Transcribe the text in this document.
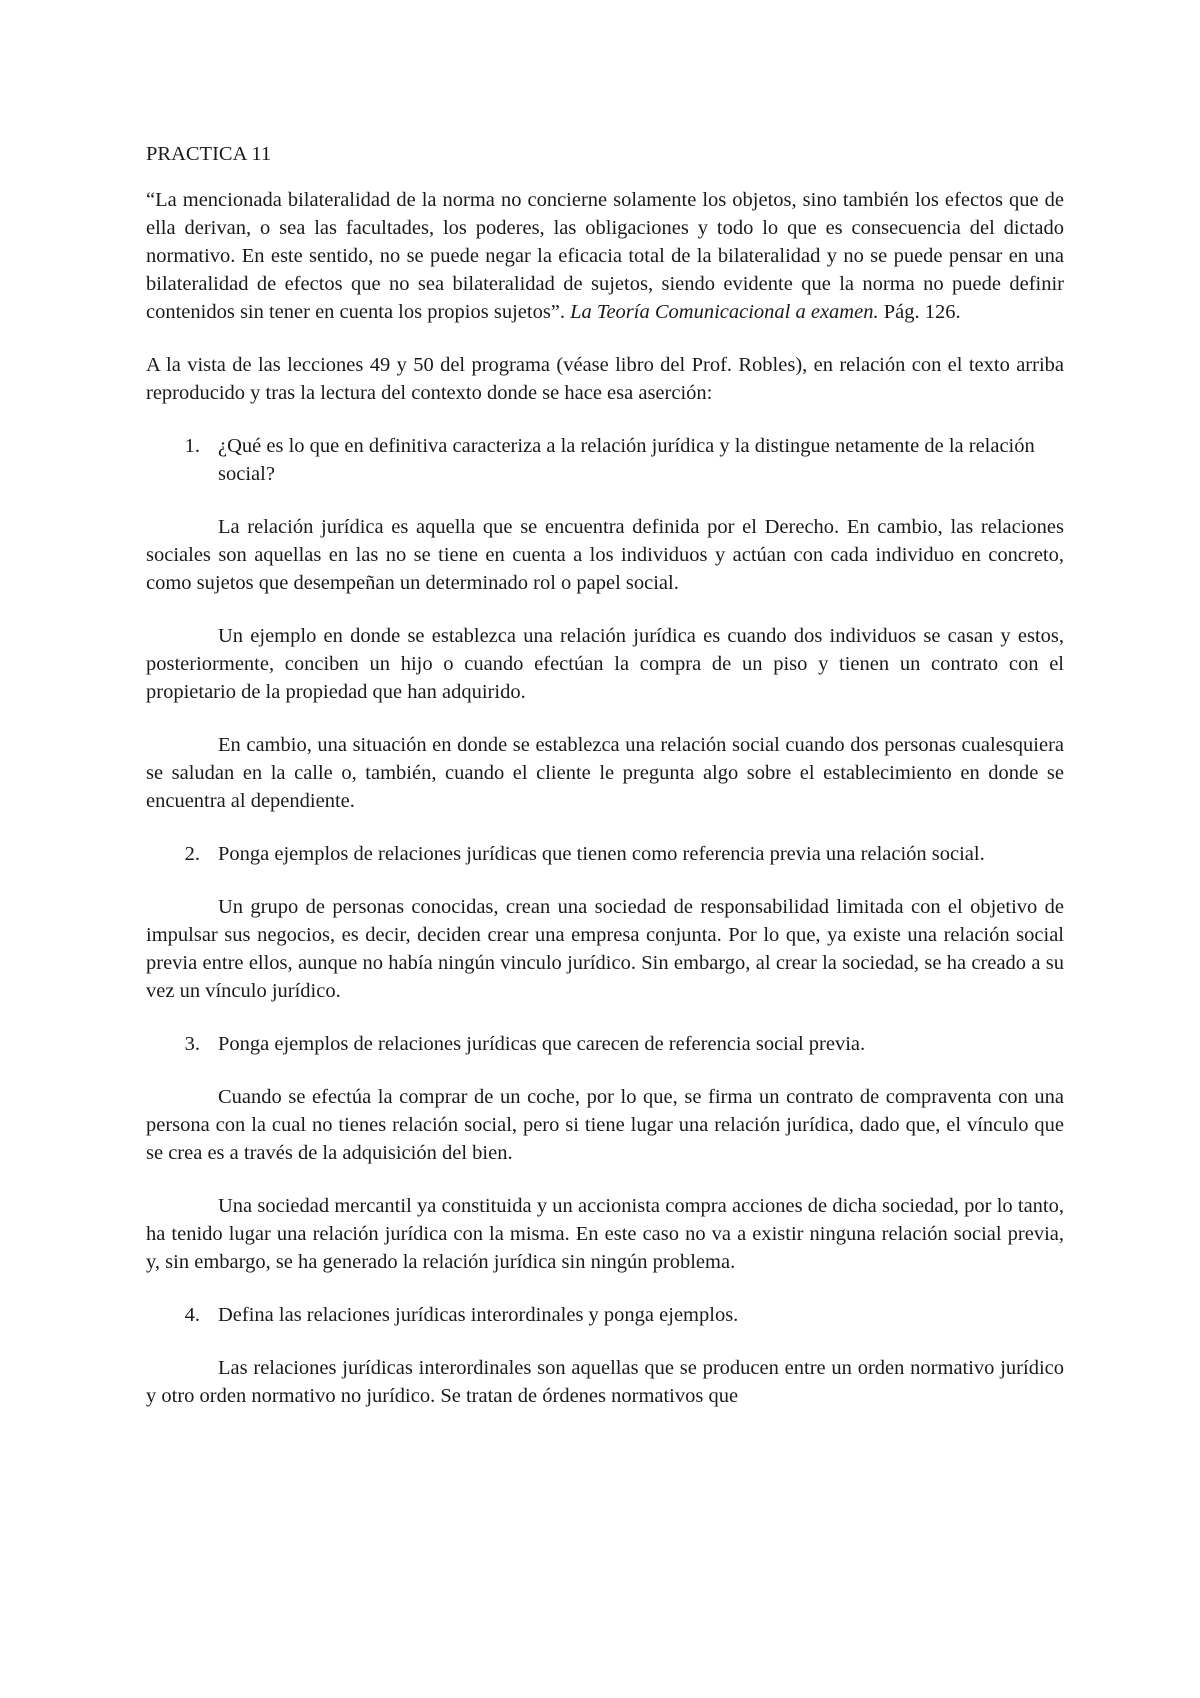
PRACTICA 11

“La mencionada bilateralidad de la norma no concierne solamente los objetos, sino también los efectos que de ella derivan, o sea las facultades, los poderes, las obligaciones y todo lo que es consecuencia del dictado normativo. En este sentido, no se puede negar la eficacia total de la bilateralidad y no se puede pensar en una bilateralidad de efectos que no sea bilateralidad de sujetos, siendo evidente que la norma no puede definir contenidos sin tener en cuenta los propios sujetos”. La Teoría Comunicacional a examen. Pág. 126.

A la vista de las lecciones 49 y 50 del programa (véase libro del Prof. Robles), en relación con el texto arriba reproducido y tras la lectura del contexto donde se hace esa aserción:

1. ¿Qué es lo que en definitiva caracteriza a la relación jurídica y la distingue netamente de la relación social?

La relación jurídica es aquella que se encuentra definida por el Derecho. En cambio, las relaciones sociales son aquellas en las no se tiene en cuenta a los individuos y actúan con cada individuo en concreto, como sujetos que desempeñan un determinado rol o papel social.

Un ejemplo en donde se establezca una relación jurídica es cuando dos individuos se casan y estos, posteriormente, conciben un hijo o cuando efectúan la compra de un piso y tienen un contrato con el propietario de la propiedad que han adquirido.

En cambio, una situación en donde se establezca una relación social cuando dos personas cualesquiera se saludan en la calle o, también, cuando el cliente le pregunta algo sobre el establecimiento en donde se encuentra al dependiente.

2. Ponga ejemplos de relaciones jurídicas que tienen como referencia previa una relación social.

Un grupo de personas conocidas, crean una sociedad de responsabilidad limitada con el objetivo de impulsar sus negocios, es decir, deciden crear una empresa conjunta. Por lo que, ya existe una relación social previa entre ellos, aunque no había ningún vinculo jurídico. Sin embargo, al crear la sociedad, se ha creado a su vez un vínculo jurídico.

3. Ponga ejemplos de relaciones jurídicas que carecen de referencia social previa.

Cuando se efectúa la comprar de un coche, por lo que, se firma un contrato de compraventa con una persona con la cual no tienes relación social, pero si tiene lugar una relación jurídica, dado que, el vínculo que se crea es a través de la adquisición del bien.

Una sociedad mercantil ya constituida y un accionista compra acciones de dicha sociedad, por lo tanto, ha tenido lugar una relación jurídica con la misma. En este caso no va a existir ninguna relación social previa, y, sin embargo, se ha generado la relación jurídica sin ningún problema.

4. Defina las relaciones jurídicas interordinales y ponga ejemplos.

Las relaciones jurídicas interordinales son aquellas que se producen entre un orden normativo jurídico y otro orden normativo no jurídico. Se tratan de órdenes normativos que
